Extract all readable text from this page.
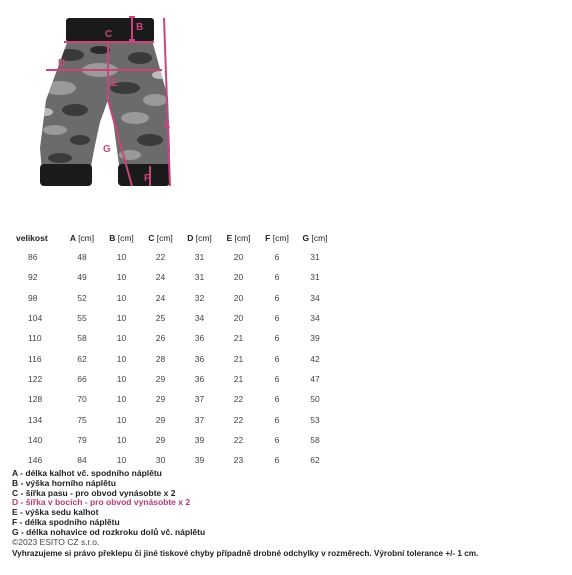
B
C
D
E
A
G
F
velikost	A [cm]	B [cm]	C [cm]	D [cm]	E [cm]	F [cm]	G [cm]
86	48	10	22	31	20	6	31
92	49	10	24	31	20	6	31
98	52	10	24	32	20	6	34
104	55	10	25	34	20	6	34
110	58	10	26	36	21	6	39
116	62	10	28	36	21	6	42
122	66	10	29	36	21	6	47
128	70	10	29	37	22	6	50
134	75	10	29	37	22	6	53
140	79	10	29	39	22	6	58
146	84	10	30	39	23	6	62
A - délka kalhot vč. spodního náplětu
B - výška horního náplětu
C - šířka pasu - pro obvod vynásobte x 2
D - šířka v bocích - pro obvod vynásobte x 2
E - výška sedu kalhot
F - délka spodního náplětu
G - délka nohavice od rozkroku dolů vč. náplětu
©2023 ESITO CZ s.r.o.
Vyhrazujeme si právo překlepu či jiné tiskové chyby případně drobné odchylky v rozměrech. Výrobní tolerance +/- 1 cm.
